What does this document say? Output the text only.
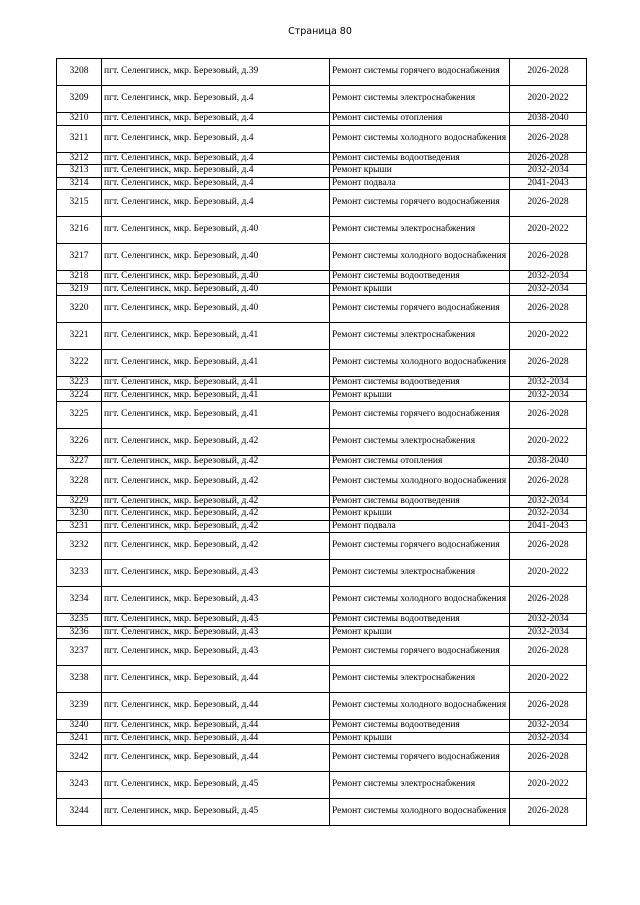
Страница 80
3208	пгт. Селенгинск, мкр. Березовый, д.39	Ремонт системы горячего водоснабжения	2026-2028
3209	пгт. Селенгинск, мкр. Березовый, д.4	Ремонт системы электроснабжения	2020-2022
3210	пгт. Селенгинск, мкр. Березовый, д.4	Ремонт системы отопления	2038-2040
3211	пгт. Селенгинск, мкр. Березовый, д.4	Ремонт системы холодного водоснабжения	2026-2028
3212	пгт. Селенгинск, мкр. Березовый, д.4	Ремонт системы водоотведения	2026-2028
3213	пгт. Селенгинск, мкр. Березовый, д.4	Ремонт крыши	2032-2034
3214	пгт. Селенгинск, мкр. Березовый, д.4	Ремонт подвала	2041-2043
3215	пгт. Селенгинск, мкр. Березовый, д.4	Ремонт системы горячего водоснабжения	2026-2028
3216	пгт. Селенгинск, мкр. Березовый, д.40	Ремонт системы электроснабжения	2020-2022
3217	пгт. Селенгинск, мкр. Березовый, д.40	Ремонт системы холодного водоснабжения	2026-2028
3218	пгт. Селенгинск, мкр. Березовый, д.40	Ремонт системы водоотведения	2032-2034
3219	пгт. Селенгинск, мкр. Березовый, д.40	Ремонт крыши	2032-2034
3220	пгт. Селенгинск, мкр. Березовый, д.40	Ремонт системы горячего водоснабжения	2026-2028
3221	пгт. Селенгинск, мкр. Березовый, д.41	Ремонт системы электроснабжения	2020-2022
3222	пгт. Селенгинск, мкр. Березовый, д.41	Ремонт системы холодного водоснабжения	2026-2028
3223	пгт. Селенгинск, мкр. Березовый, д.41	Ремонт системы водоотведения	2032-2034
3224	пгт. Селенгинск, мкр. Березовый, д.41	Ремонт крыши	2032-2034
3225	пгт. Селенгинск, мкр. Березовый, д.41	Ремонт системы горячего водоснабжения	2026-2028
3226	пгт. Селенгинск, мкр. Березовый, д.42	Ремонт системы электроснабжения	2020-2022
3227	пгт. Селенгинск, мкр. Березовый, д.42	Ремонт системы отопления	2038-2040
3228	пгт. Селенгинск, мкр. Березовый, д.42	Ремонт системы холодного водоснабжения	2026-2028
3229	пгт. Селенгинск, мкр. Березовый, д.42	Ремонт системы водоотведения	2032-2034
3230	пгт. Селенгинск, мкр. Березовый, д.42	Ремонт крыши	2032-2034
3231	пгт. Селенгинск, мкр. Березовый, д.42	Ремонт подвала	2041-2043
3232	пгт. Селенгинск, мкр. Березовый, д.42	Ремонт системы горячего водоснабжения	2026-2028
3233	пгт. Селенгинск, мкр. Березовый, д.43	Ремонт системы электроснабжения	2020-2022
3234	пгт. Селенгинск, мкр. Березовый, д.43	Ремонт системы холодного водоснабжения	2026-2028
3235	пгт. Селенгинск, мкр. Березовый, д.43	Ремонт системы водоотведения	2032-2034
3236	пгт. Селенгинск, мкр. Березовый, д.43	Ремонт крыши	2032-2034
3237	пгт. Селенгинск, мкр. Березовый, д.43	Ремонт системы горячего водоснабжения	2026-2028
3238	пгт. Селенгинск, мкр. Березовый, д.44	Ремонт системы электроснабжения	2020-2022
3239	пгт. Селенгинск, мкр. Березовый, д.44	Ремонт системы холодного водоснабжения	2026-2028
3240	пгт. Селенгинск, мкр. Березовый, д.44	Ремонт системы водоотведения	2032-2034
3241	пгт. Селенгинск, мкр. Березовый, д.44	Ремонт крыши	2032-2034
3242	пгт. Селенгинск, мкр. Березовый, д.44	Ремонт системы горячего водоснабжения	2026-2028
3243	пгт. Селенгинск, мкр. Березовый, д.45	Ремонт системы электроснабжения	2020-2022
3244	пгт. Селенгинск, мкр. Березовый, д.45	Ремонт системы холодного водоснабжения	2026-2028
